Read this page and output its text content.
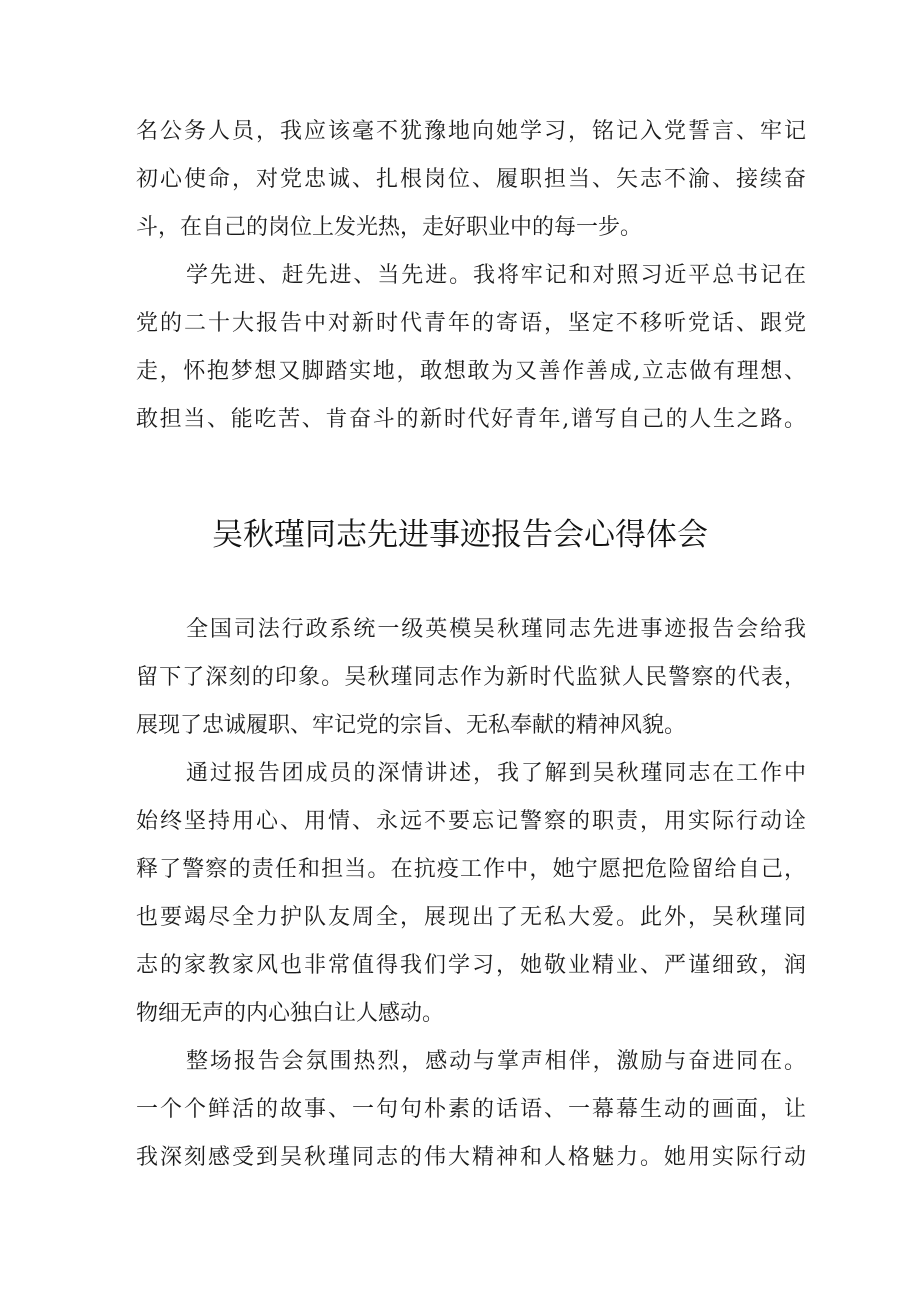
名公务人员，我应该毫不犹豫地向她学习，铭记入党誓言、牢记
初心使命，对党忠诚、扎根岗位、履职担当、矢志不渝、接续奋
斗，在自己的岗位上发光热，走好职业中的每一步。
学先进、赶先进、当先进。我将牢记和对照习近平总书记在
党的二十大报告中对新时代青年的寄语，坚定不移听党话、跟党
走，怀抱梦想又脚踏实地，敢想敢为又善作善成,立志做有理想、
敢担当、能吃苦、肯奋斗的新时代好青年,谱写自己的人生之路。
吴秋瑾同志先进事迹报告会心得体会
全国司法行政系统一级英模吴秋瑾同志先进事迹报告会给我
留下了深刻的印象。吴秋瑾同志作为新时代监狱人民警察的代表，
展现了忠诚履职、牢记党的宗旨、无私奉献的精神风貌。
通过报告团成员的深情讲述，我了解到吴秋瑾同志在工作中
始终坚持用心、用情、永远不要忘记警察的职责，用实际行动诠
释了警察的责任和担当。在抗疫工作中，她宁愿把危险留给自己，
也要竭尽全力护队友周全，展现出了无私大爱。此外，吴秋瑾同
志的家教家风也非常值得我们学习，她敬业精业、严谨细致，润
物细无声的内心独白让人感动。
整场报告会氛围热烈，感动与掌声相伴，激励与奋进同在。
一个个鲜活的故事、一句句朴素的话语、一幕幕生动的画面，让
我深刻感受到吴秋瑾同志的伟大精神和人格魅力。她用实际行动
